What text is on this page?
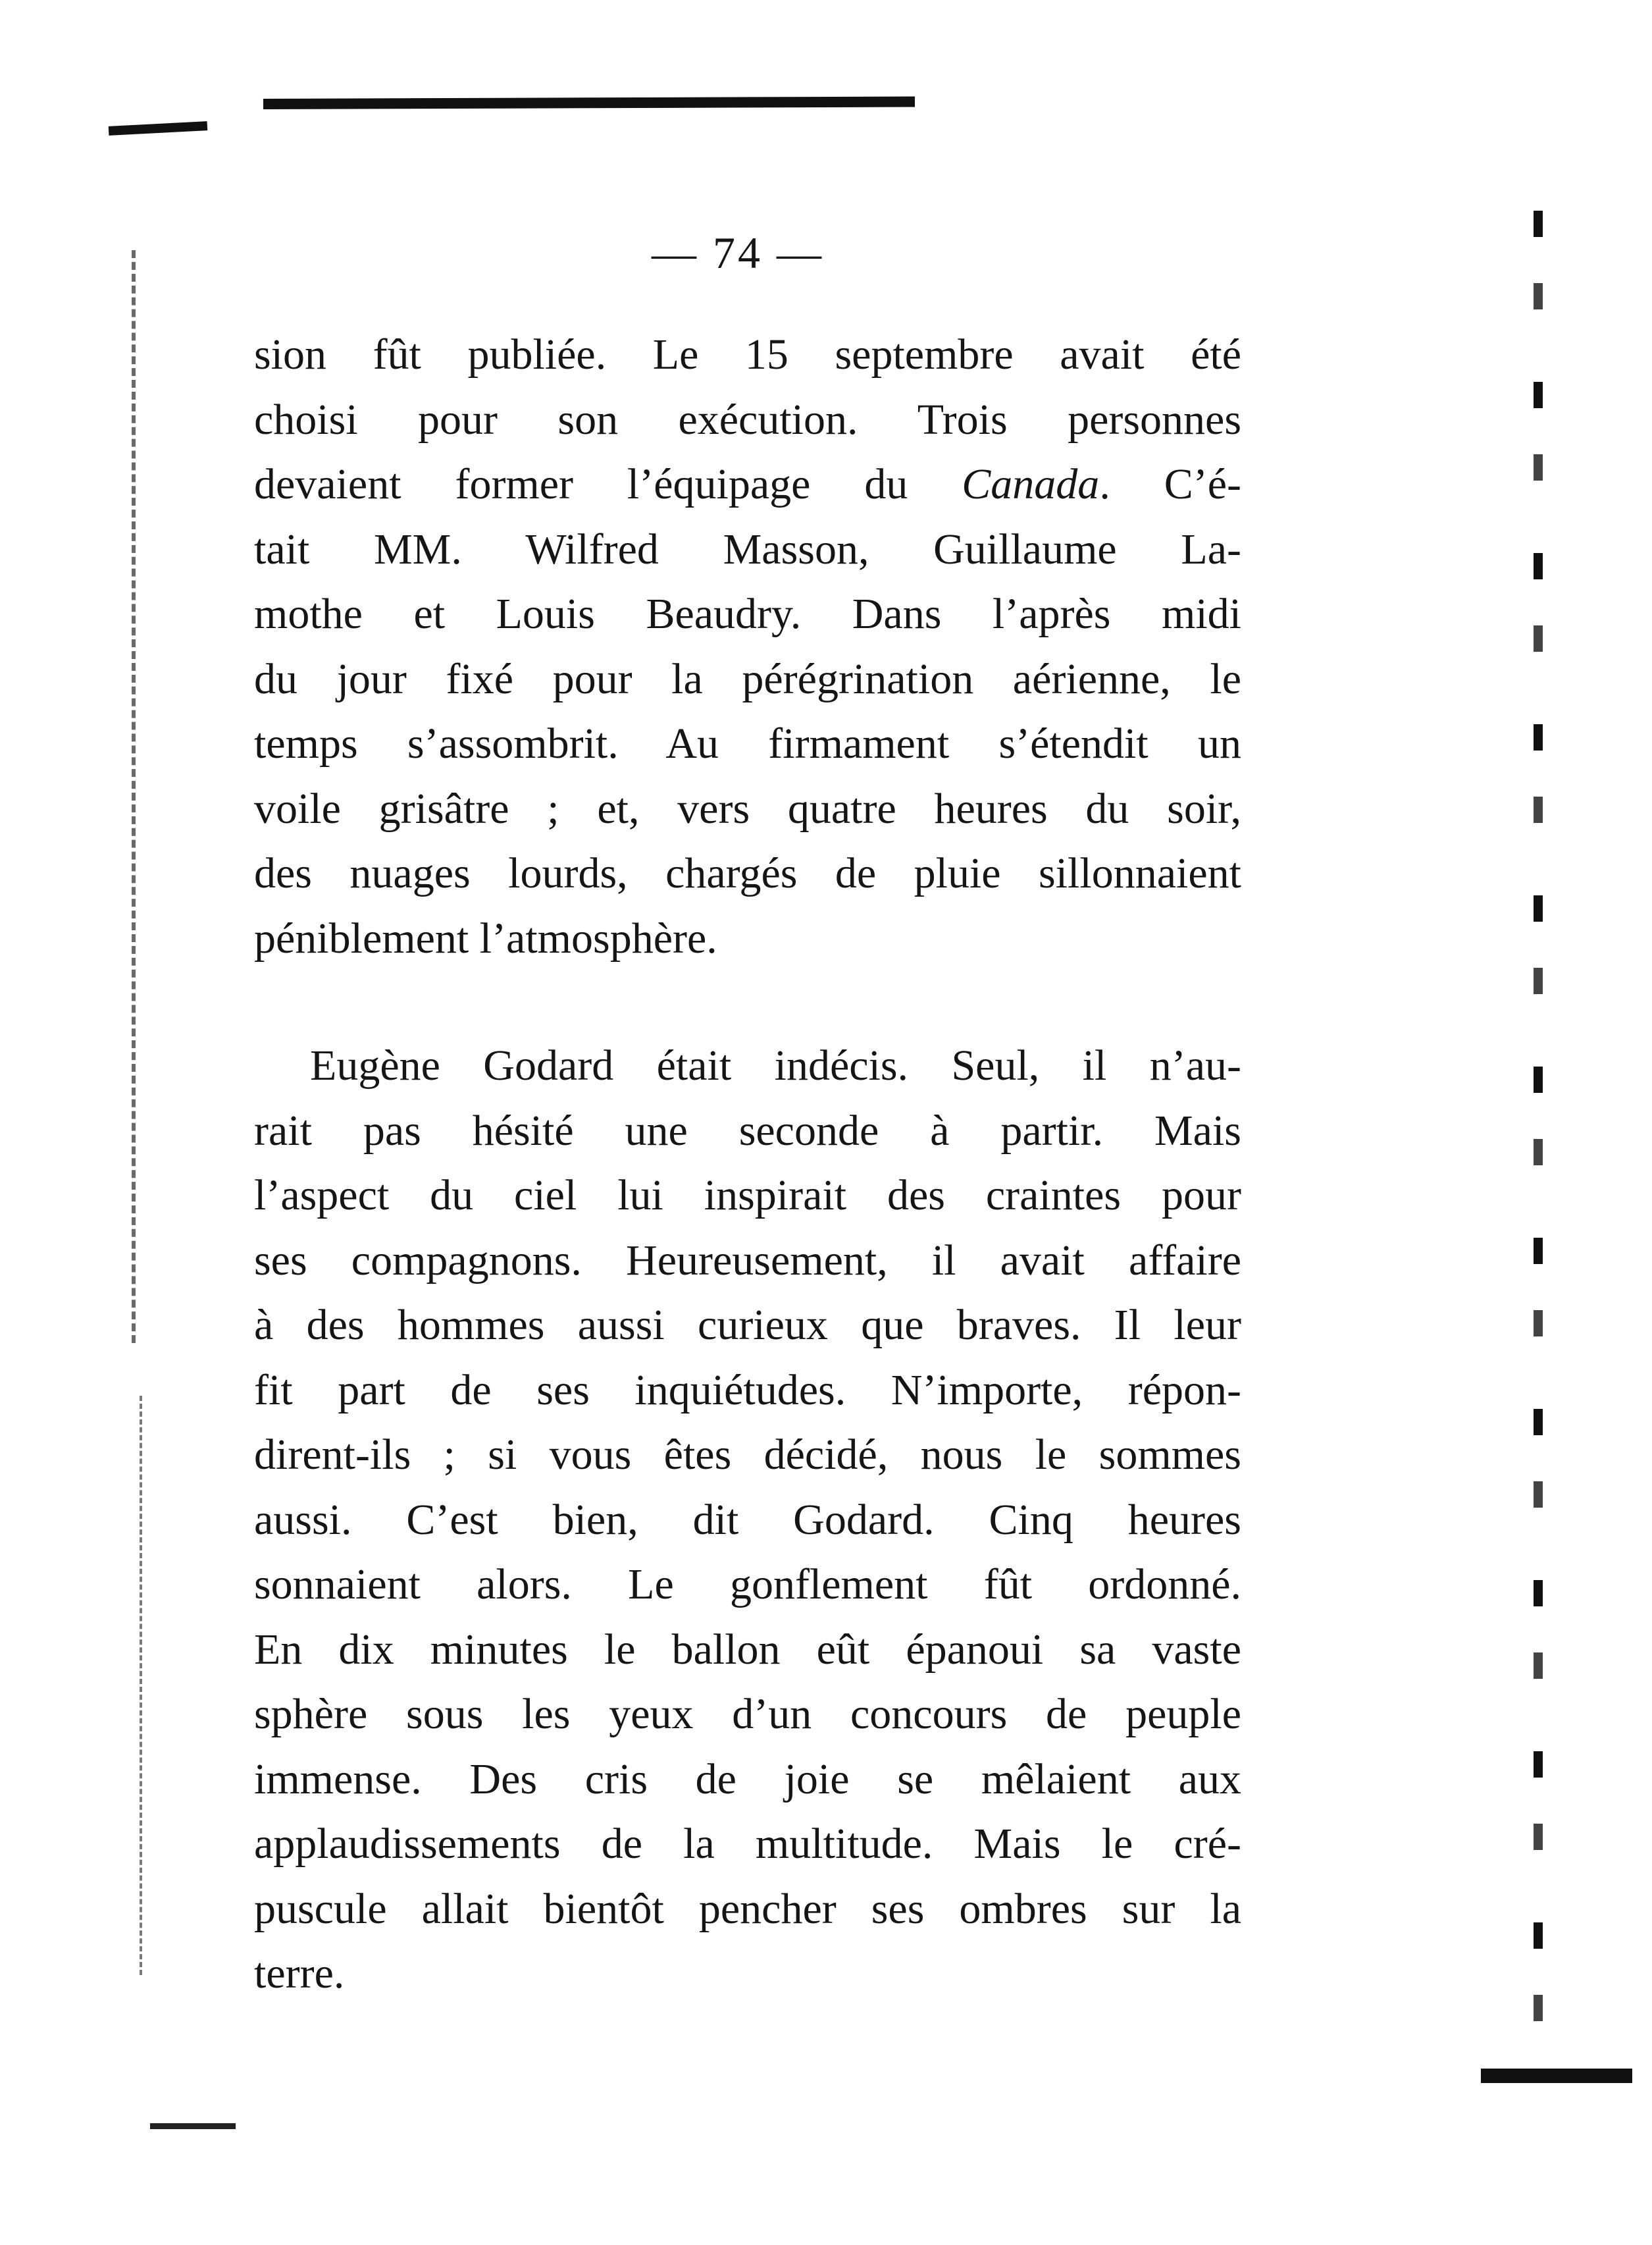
— 74 —
sion fût publiée. Le 15 septembre avait été
choisi pour son exécution. Trois personnes
devaient former l’équipage du Canada. C’é-
tait MM. Wilfred Masson, Guillaume La-
mothe et Louis Beaudry. Dans l’après midi
du jour fixé pour la pérégrination aérienne, le
temps s’assombrit. Au firmament s’étendit un
voile grisâtre ; et, vers quatre heures du soir,
des nuages lourds, chargés de pluie sillonnaient
péniblement l’atmosphère.
Eugène Godard était indécis. Seul, il n’au-
rait pas hésité une seconde à partir. Mais
l’aspect du ciel lui inspirait des craintes pour
ses compagnons. Heureusement, il avait affaire
à des hommes aussi curieux que braves. Il leur
fit part de ses inquiétudes. N’importe, répon-
dirent-ils ; si vous êtes décidé, nous le sommes
aussi. C’est bien, dit Godard. Cinq heures
sonnaient alors. Le gonflement fût ordonné.
En dix minutes le ballon eût épanoui sa vaste
sphère sous les yeux d’un concours de peuple
immense. Des cris de joie se mêlaient aux
applaudissements de la multitude. Mais le cré-
puscule allait bientôt pencher ses ombres sur la
terre.
